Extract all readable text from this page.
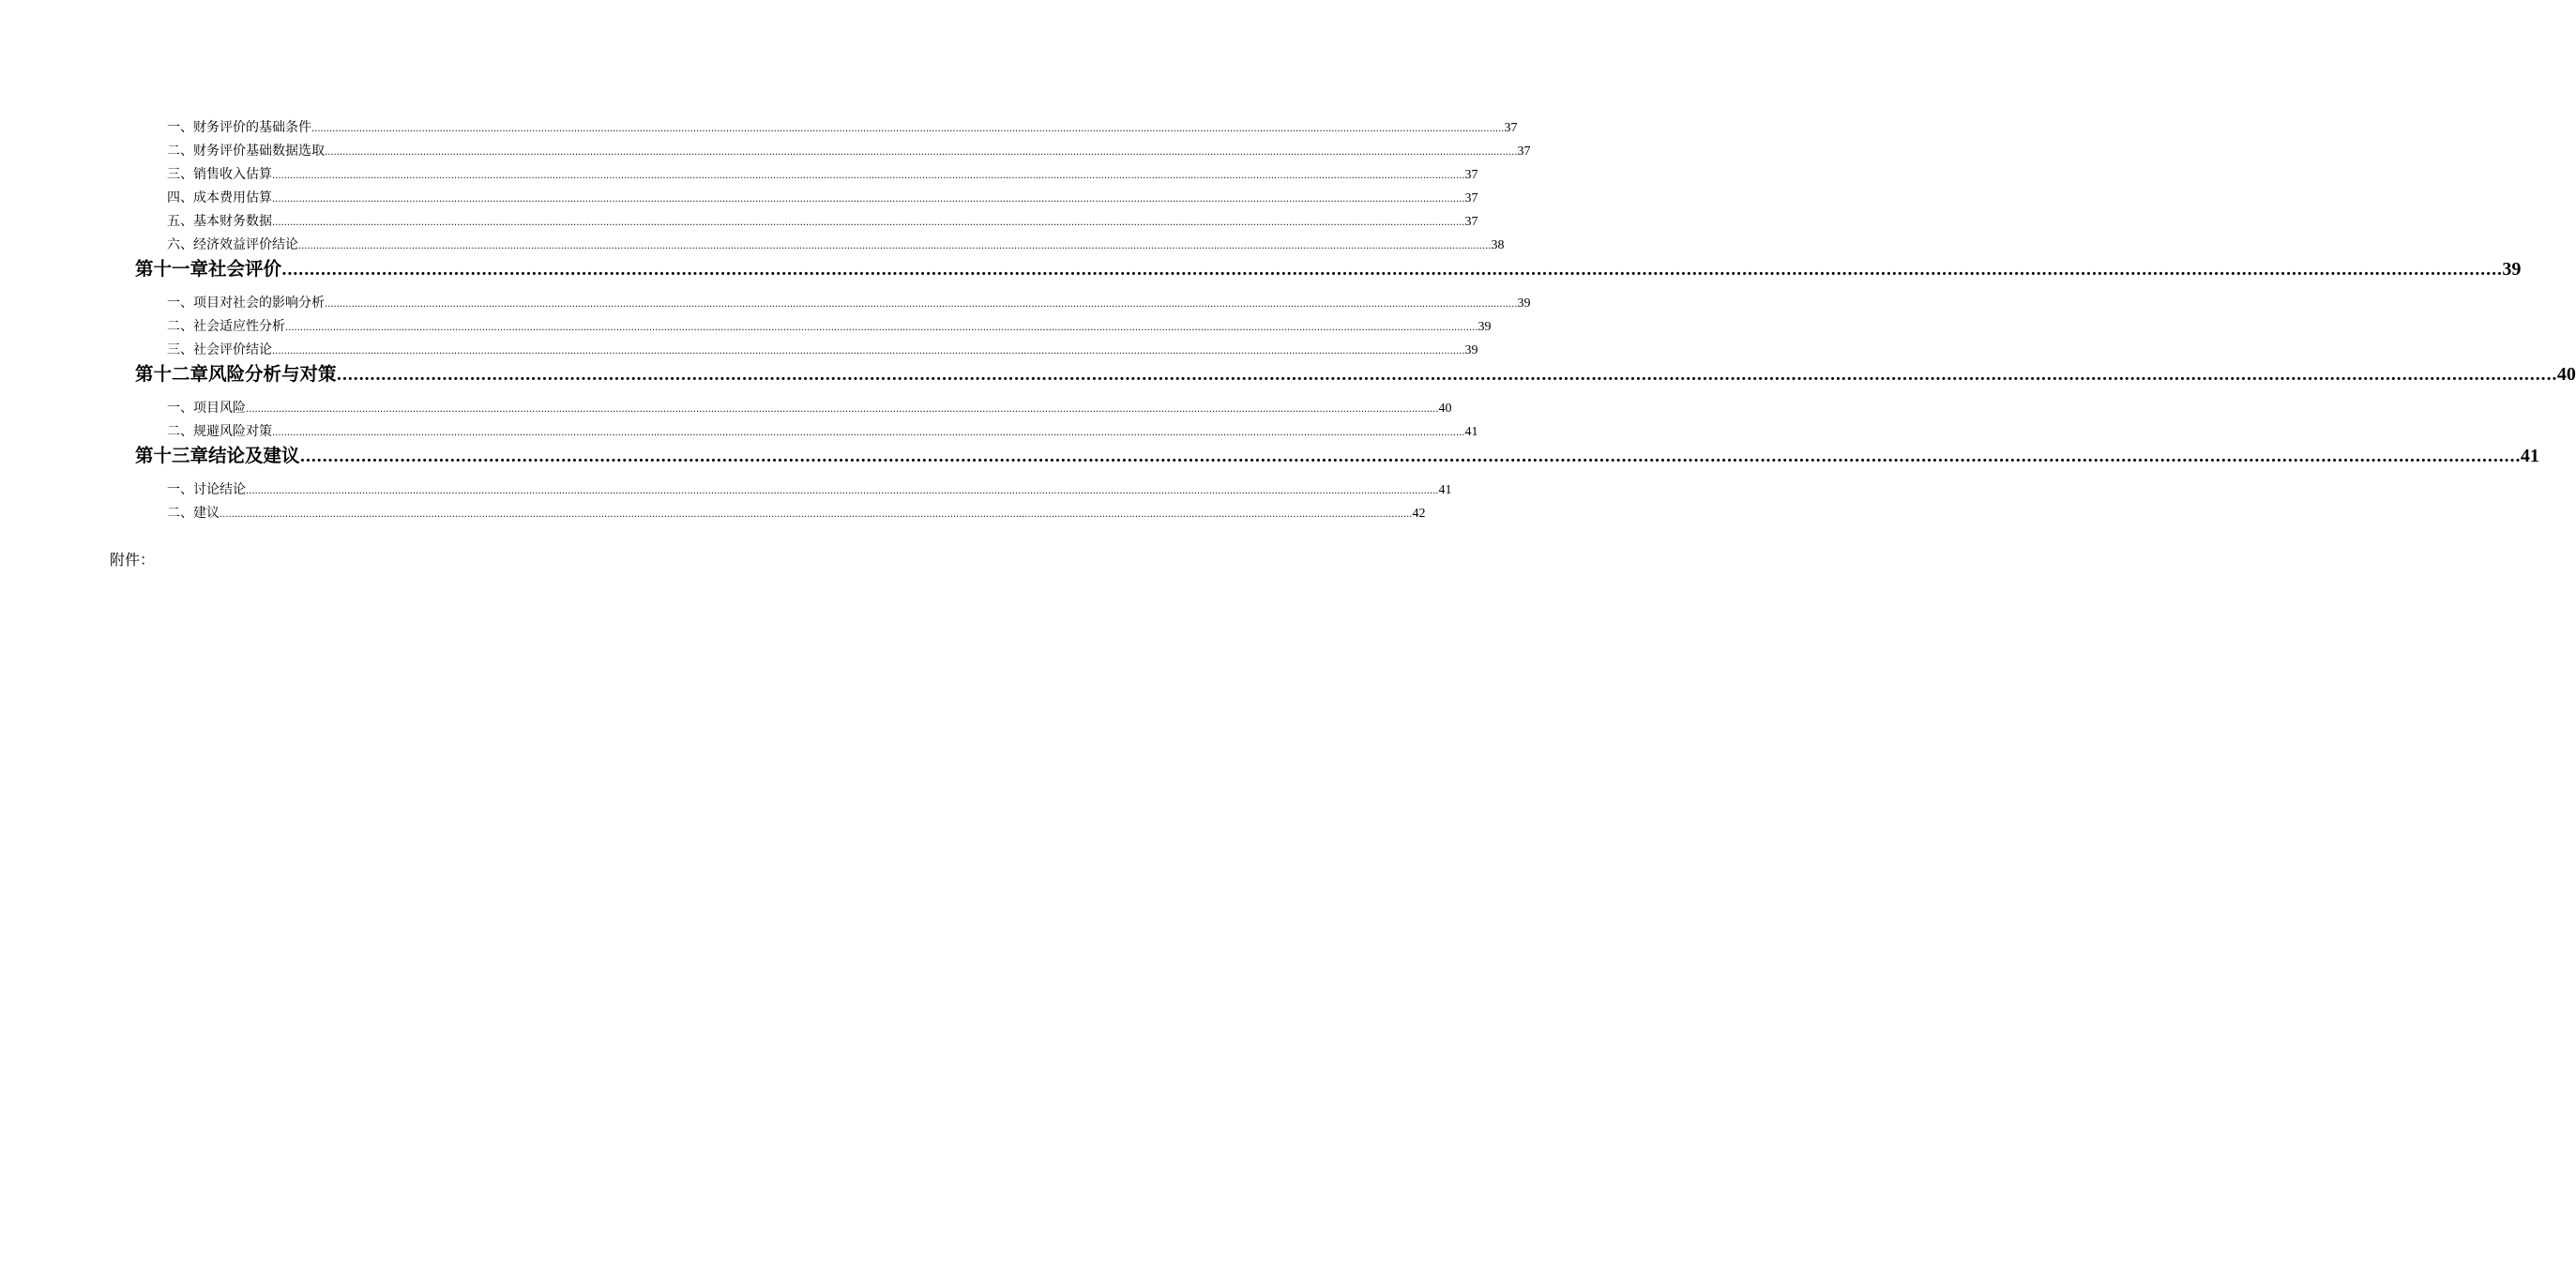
一、财务评价的基础条件 ................................................................................................................................................................................................................................................................................................................................................................................................................ 37
二、财务评价基础数据选取 ................................................................................................................................................................................................................................................................................................................................................................................................................ 37
三、销售收入估算 ................................................................................................................................................................................................................................................................................................................................................................................................................ 37
四、成本费用估算 ................................................................................................................................................................................................................................................................................................................................................................................................................ 37
五、基本财务数据 ................................................................................................................................................................................................................................................................................................................................................................................................................ 37
六、经济效益评价结论 ................................................................................................................................................................................................................................................................................................................................................................................................................ 38
第十一章 社会评价 ................................................................................................................................................................................................................................................................................................................................................................................................................ 39
一、项目对社会的影响分析 ................................................................................................................................................................................................................................................................................................................................................................................................................ 39
二、社会适应性分析 ................................................................................................................................................................................................................................................................................................................................................................................................................ 39
三、社会评价结论 ................................................................................................................................................................................................................................................................................................................................................................................................................ 39
第十二章 风险分析与对策 ................................................................................................................................................................................................................................................................................................................................................................................................................ 40
一、项目风险 ................................................................................................................................................................................................................................................................................................................................................................................................................ 40
二、规避风险对策 ................................................................................................................................................................................................................................................................................................................................................................................................................ 41
第十三章 结论及建议 ................................................................................................................................................................................................................................................................................................................................................................................................................ 41
一、讨论结论 ................................................................................................................................................................................................................................................................................................................................................................................................................ 41
二、建议 ................................................................................................................................................................................................................................................................................................................................................................................................................ 42
附件：
